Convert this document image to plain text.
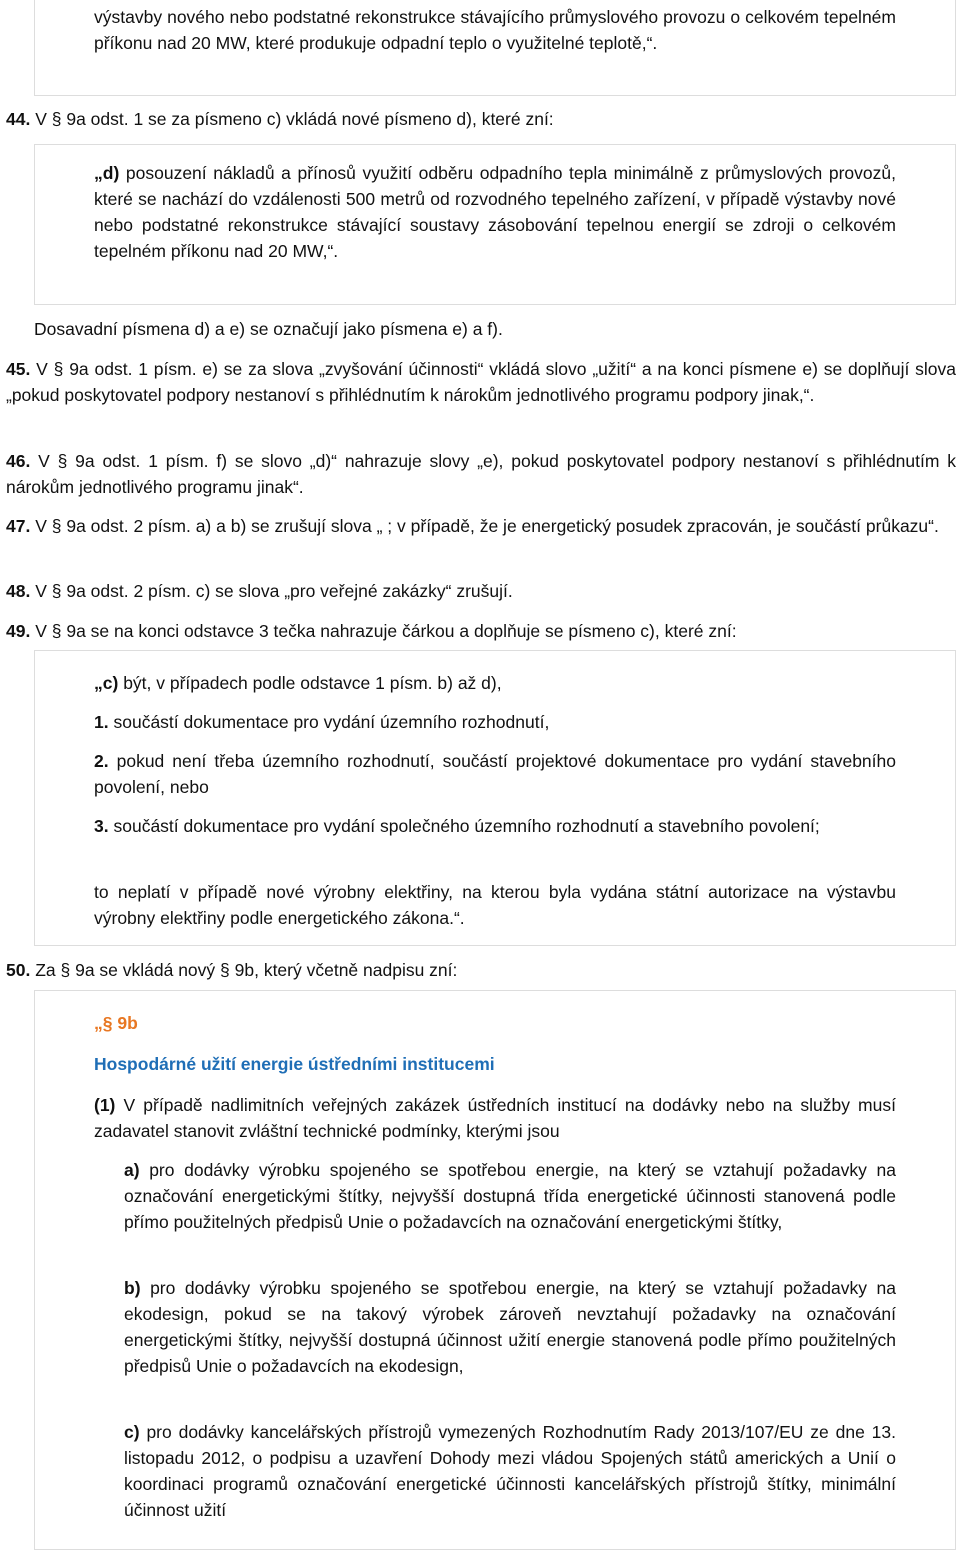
výstavby nového nebo podstatné rekonstrukce stávajícího průmyslového provozu o celkovém tepelném příkonu nad 20 MW, které produkuje odpadní teplo o využitelné teplotě,“.

44. V § 9a odst. 1 se za písmeno c) vkládá nové písmeno d), které zní:

„d) posouzení nákladů a přínosů využití odběru odpadního tepla minimálně z průmyslových provozů, které se nachází do vzdálenosti 500 metrů od rozvodného tepelného zařízení, v případě výstavby nové nebo podstatné rekonstrukce stávající soustavy zásobování tepelnou energií se zdroji o celkovém tepelném příkonu nad 20 MW,“.

Dosavadní písmena d) a e) se označují jako písmena e) a f).

45. V § 9a odst. 1 písm. e) se za slova „zvyšování účinnosti“ vkládá slovo „užití“ a na konci písmene e) se doplňují slova „pokud poskytovatel podpory nestanoví s přihlédnutím k nárokům jednotlivého programu podpory jinak,“.

46. V § 9a odst. 1 písm. f) se slovo „d)“ nahrazuje slovy „e), pokud poskytovatel podpory nestanoví s přihlédnutím k nárokům jednotlivého programu jinak“.

47. V § 9a odst. 2 písm. a) a b) se zrušují slova „ ; v případě, že je energetický posudek zpracován, je součástí průkazu“.

48. V § 9a odst. 2 písm. c) se slova „pro veřejné zakázky“ zrušují.

49. V § 9a se na konci odstavce 3 tečka nahrazuje čárkou a doplňuje se písmeno c), které zní:

„c) být, v případech podle odstavce 1 písm. b) až d),

1. součástí dokumentace pro vydání územního rozhodnutí,

2. pokud není třeba územního rozhodnutí, součástí projektové dokumentace pro vydání stavebního povolení, nebo

3. součástí dokumentace pro vydání společného územního rozhodnutí a stavebního povolení;

to neplatí v případě nové výrobny elektřiny, na kterou byla vydána státní autorizace na výstavbu výrobny elektřiny podle energetického zákona.“.

50. Za § 9a se vkládá nový § 9b, který včetně nadpisu zní:

„§ 9b

Hospodárné užití energie ústředními institucemi

(1) V případě nadlimitních veřejných zakázek ústředních institucí na dodávky nebo na služby musí zadavatel stanovit zvláštní technické podmínky, kterými jsou

a) pro dodávky výrobku spojeného se spotřebou energie, na který se vztahují požadavky na označování energetickými štítky, nejvyšší dostupná třída energetické účinnosti stanovená podle přímo použitelných předpisů Unie o požadavcích na označování energetickými štítky,

b) pro dodávky výrobku spojeného se spotřebou energie, na který se vztahují požadavky na ekodesign, pokud se na takový výrobek zároveň nevztahují požadavky na označování energetickými štítky, nejvyšší dostupná účinnost užití energie stanovená podle přímo použitelných předpisů Unie o požadavcích na ekodesign,

c) pro dodávky kancelářských přístrojů vymezených Rozhodnutím Rady 2013/107/EU ze dne 13. listopadu 2012, o podpisu a uzavření Dohody mezi vládou Spojených států amerických a Unií o koordinaci programů označování energetické účinnosti kancelářských přístrojů štítky, minimální účinnost užití
